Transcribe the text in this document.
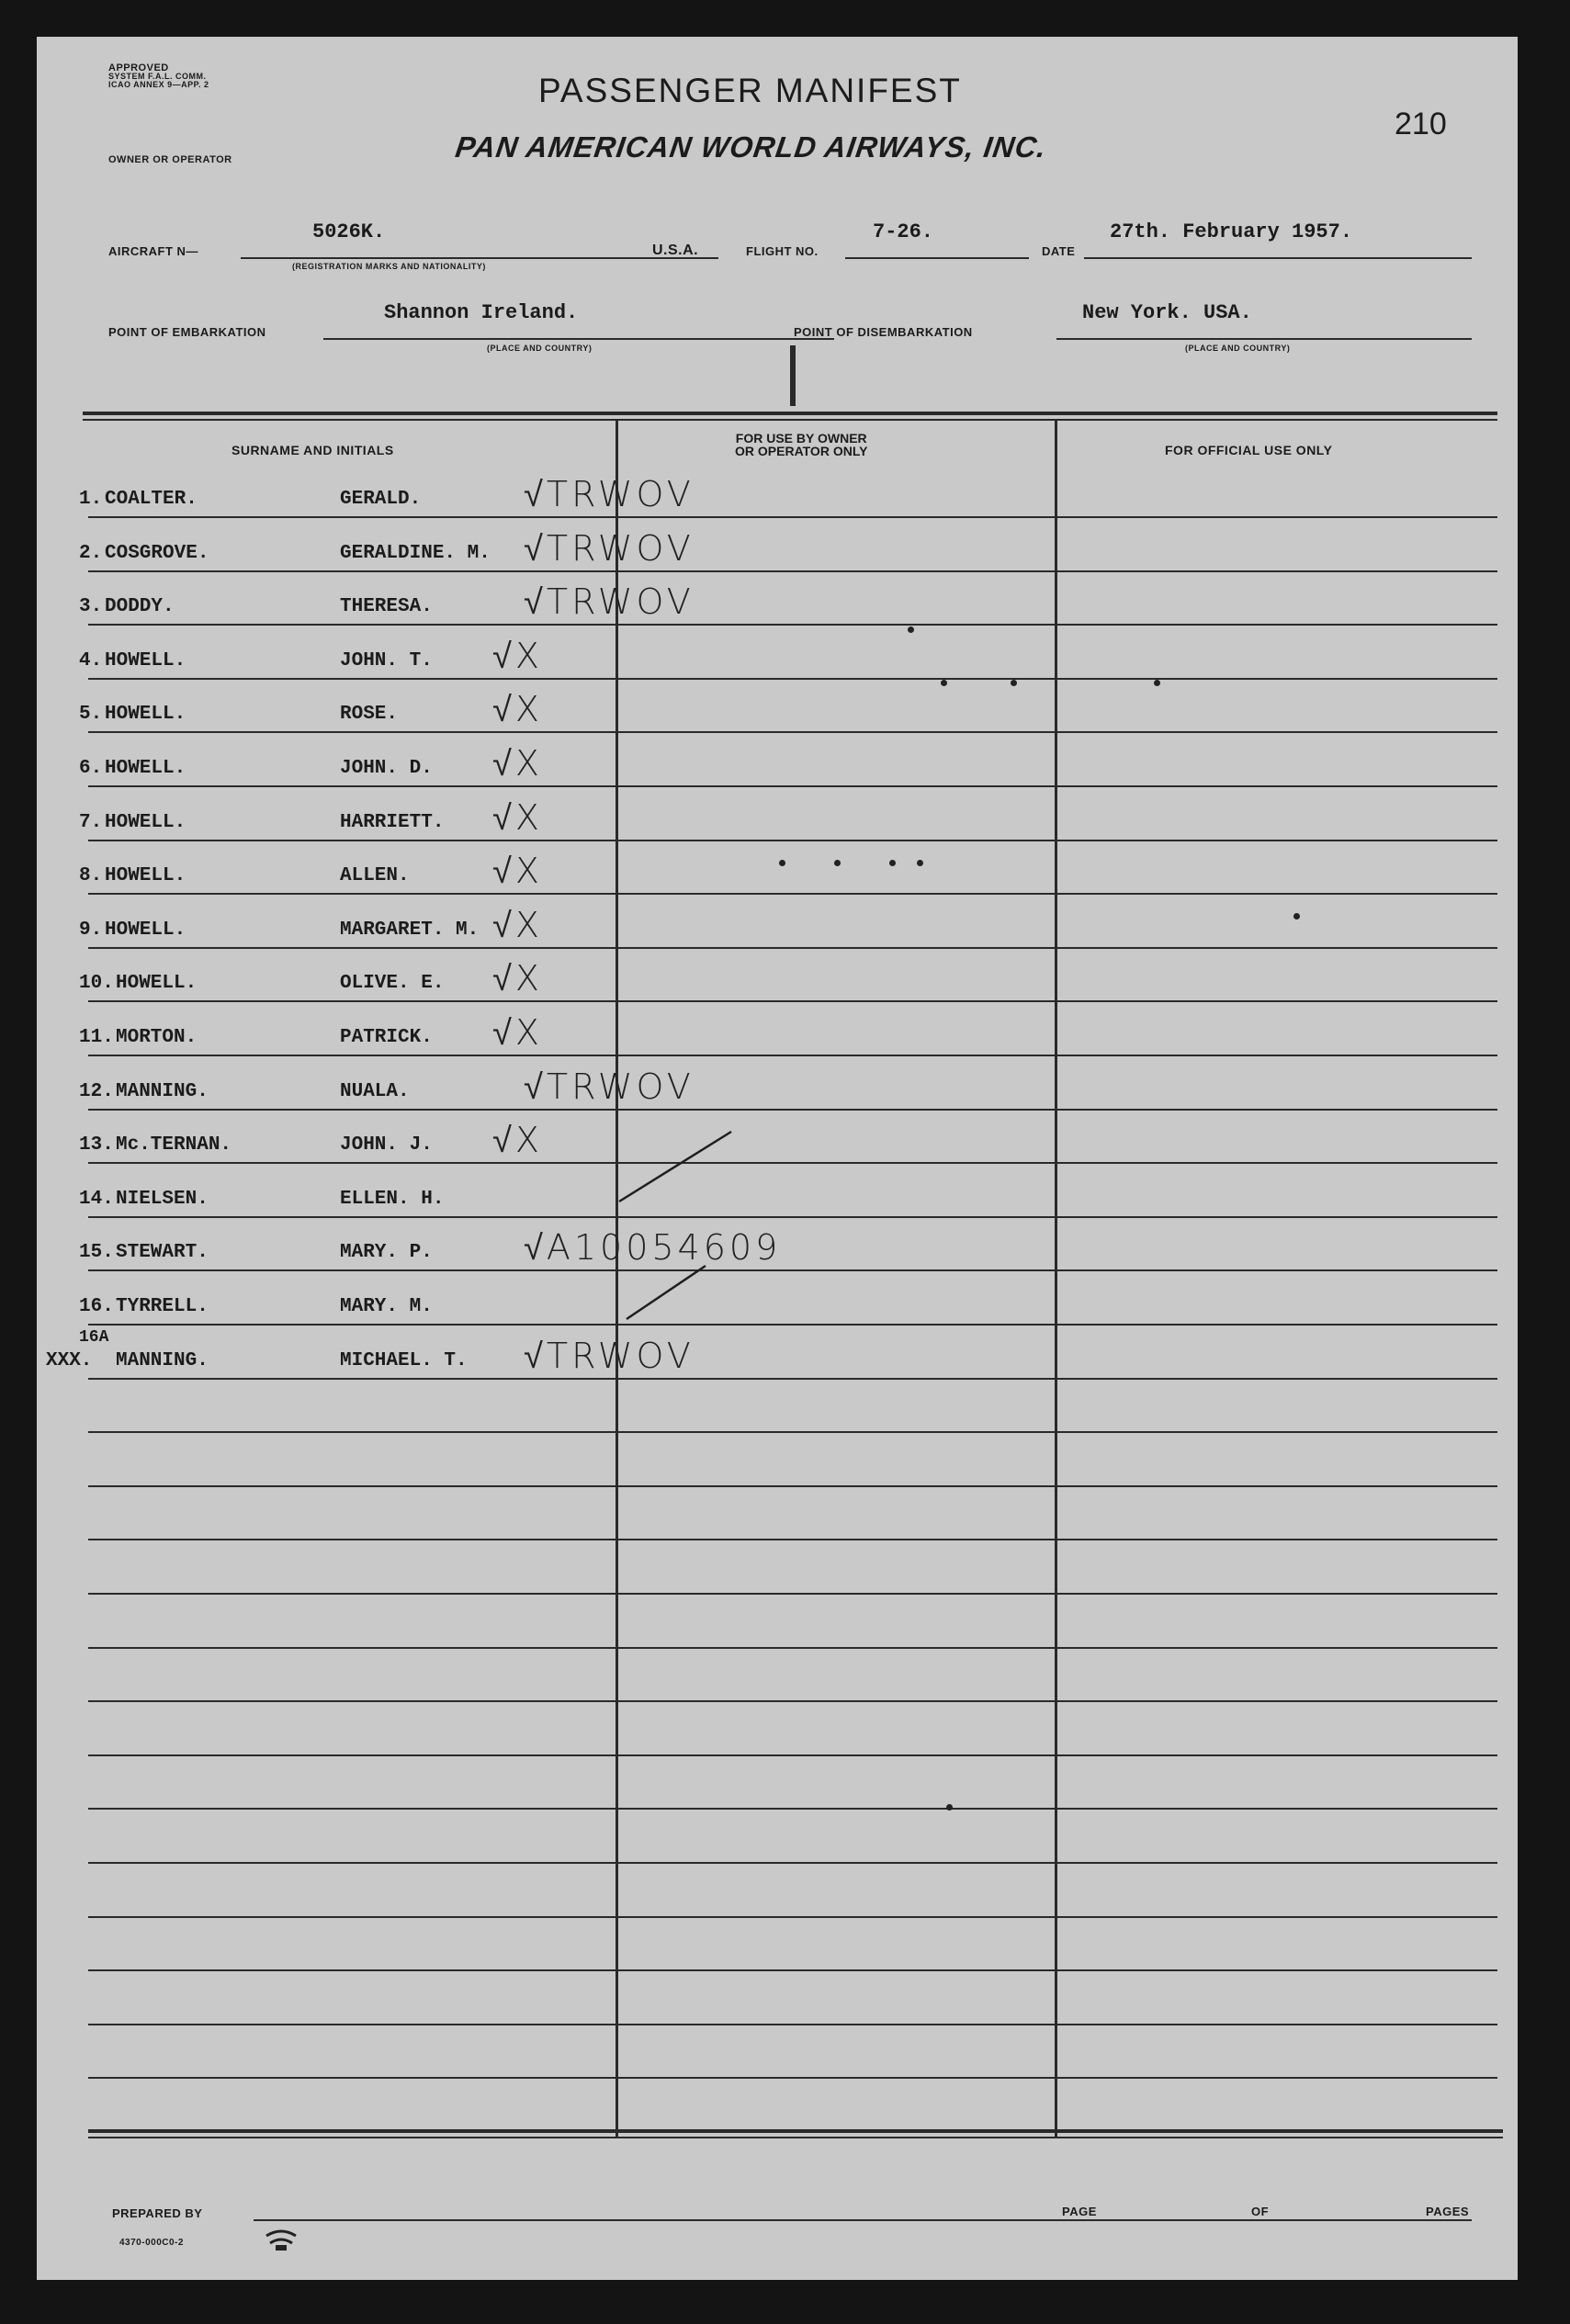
APPROVED
SYSTEM F.A.L. COMM.
ICAO ANNEX 9—APP. 2	PASSENGER MANIFEST
210
OWNER OR OPERATOR	PAN AMERICAN WORLD AIRWAYS, INC.
AIRCRAFT N—
5026K.
(REGISTRATION MARKS AND NATIONALITY)
U.S.A.	FLIGHT NO.
7-26.
DATE
27th. February 1957.
POINT OF EMBARKATION
Shannon Ireland.
(PLACE AND COUNTRY)
POINT OF DISEMBARKATION
New York. USA.
(PLACE AND COUNTRY)
SURNAME AND INITIALS
FOR USE BY OWNER
OR OPERATOR ONLY	FOR OFFICIAL USE ONLY
1. COALTER.	GERALD.	√TRWOV
2. COSGROVE.	GERALDINE. M. √TRWOV
3. DODDY.	THERESA.	√TRWOV
4. HOWELL.	JOHN. T. √X
5. HOWELL.	ROSE.	√X
6. HOWELL.	JOHN. D. √X
7. HOWELL.	HARRIETT. √X
8. HOWELL.	ALLEN. √X
9. HOWELL.	MARGARET. M. √X
10. HOWELL.	OLIVE. E. √X
11. MORTON.	PATRICK. √X
12. MANNING.	NUALA.	√TRWOV
13. Mc.TERNAN.	JOHN. J. √X
14. NIELSEN.	ELLEN. H.
15. STEWART.	MARY. P.	√A10054609
16. TYRRELL.	MARY. M.
XXX. MANNING.	MICHAEL. T. √TRWOV
16A
PREPARED BY	PAGE	OF	PAGES
4370-000C0-2
